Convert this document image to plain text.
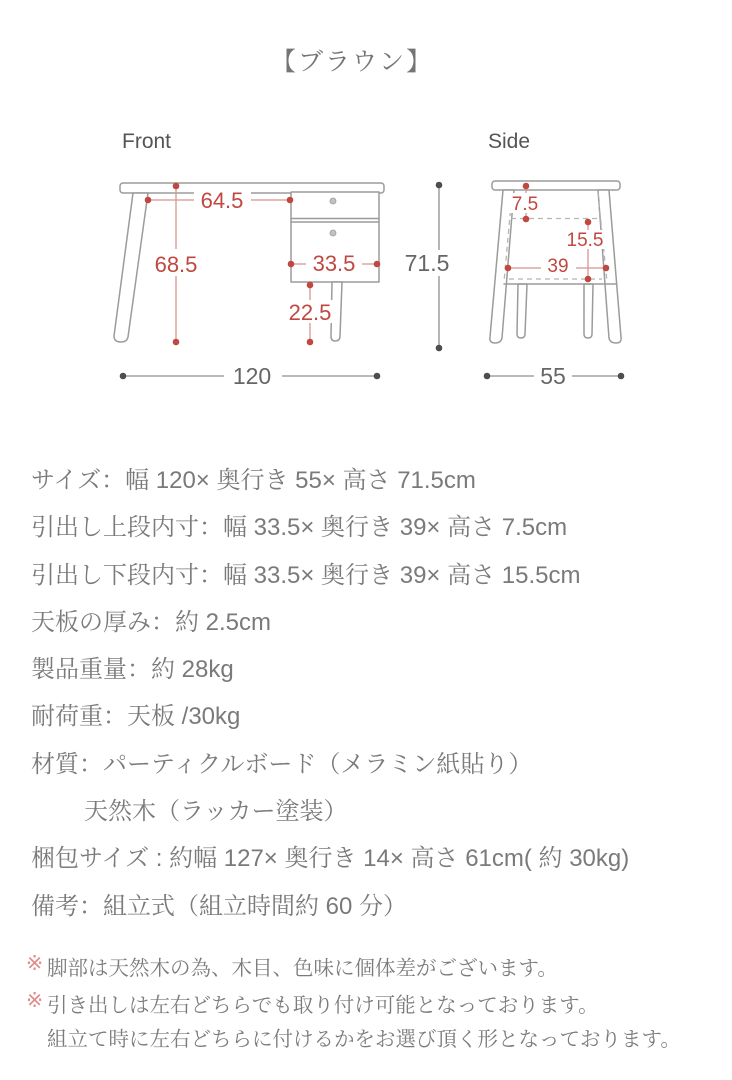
【ブラウン】
Front
64.5
68.5	33.5
22.5
120
Side
7.5
15.5
39
71.5
55
サイズ：幅 120× 奥行き 55× 高さ 71.5cm
引出し上段内寸：幅 33.5× 奥行き 39× 高さ 7.5cm
引出し下段内寸：幅 33.5× 奥行き 39× 高さ 15.5cm
天板の厚み：約 2.5cm
製品重量：約 28kg
耐荷重：天板 /30kg
材質：パーティクルボード（メラミン紙貼り）
天然木（ラッカー塗装）
梱包サイズ : 約幅 127× 奥行き 14× 高さ 61cm( 約 30kg)
備考：組立式（組立時間約 60 分）
※ 脚部は天然木の為、木目、色味に個体差がございます。
※ 引き出しは左右どちらでも取り付け可能となっております。
組立て時に左右どちらに付けるかをお選び頂く形となっております。
